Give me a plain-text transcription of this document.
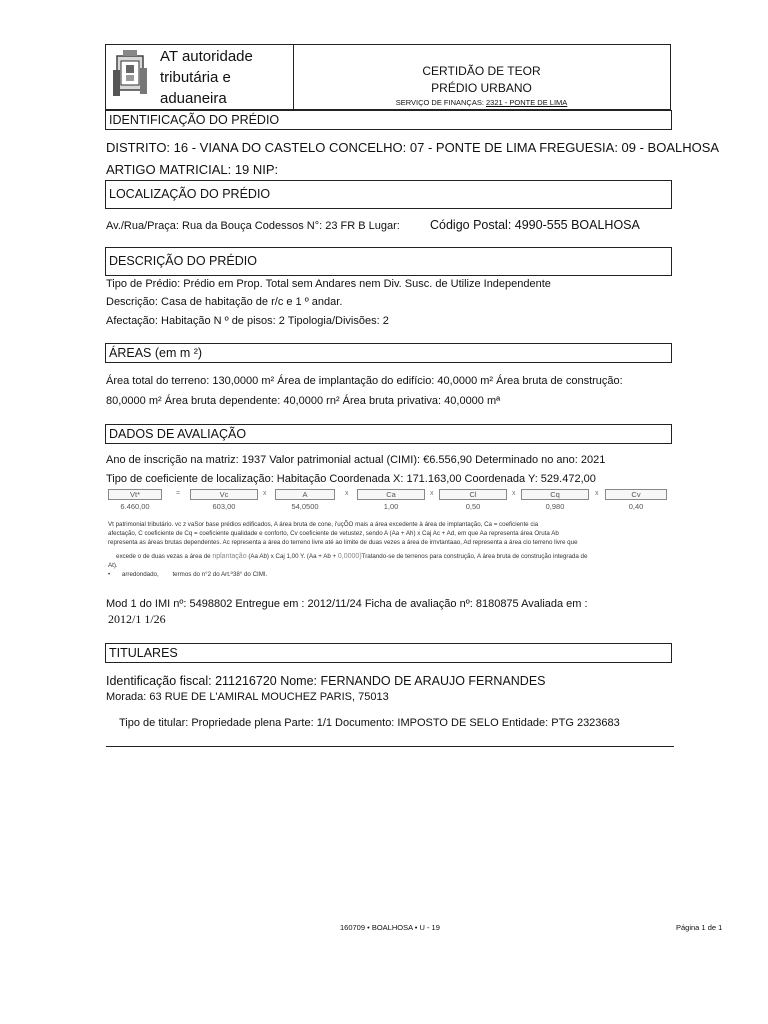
AT autoridade
tributária e
aduaneira
CERTIDÃO DE TEOR
PRÉDIO URBANO
SERVIÇO DE FINANÇAS: 2321 - PONTE DE LIMA
IDENTIFICAÇÃO DO PRÉDIO
DISTRITO: 16 - VIANA DO CASTELO CONCELHO: 07 - PONTE DE LIMA FREGUESIA: 09 - BOALHOSA
ARTIGO MATRICIAL: 19 NIP:
LOCALIZAÇÃO DO PRÉDIO
Av./Rua/Praça: Rua da Bouça Codessos N°: 23 FR B Lugar: Código Postal: 4990-555 BOALHOSA
DESCRIÇÃO DO PRÉDIO
Tipo de Prédio: Prédio em Prop. Total sem Andares nem Div. Susc. de Utilize Independente
Descrição: Casa de habitação de r/c e 1 º andar.
Afectação: Habitação N º de pisos: 2 Tipologia/Divisões: 2
ÁREAS (em m ²)
Área total do terreno: 130,0000 m² Área de implantação do edifício: 40,0000 m² Área bruta de construção:
80,0000 m² Área bruta dependente: 40,0000 rn² Área bruta privativa: 40,0000 mª
DADOS DE AVALIAÇÃO
Ano de inscrição na matriz: 1937 Valor patrimonial actual (CIMI): €6.556,90 Determinado no ano: 2021
Tipo de coeficiente de localização: Habitação Coordenada X: 171.163,00 Coordenada Y: 529.472,00
Vt*	=	Vc	x	A	x	Ca	x	Cl	x	Cq	x	Cv
6.460,00	603,00	54,0500	1,00	0,50	0,980	0,40
Vt patrimonial tributário. vc z vaSor base prédios edificados, A área bruta de cone, i'uçÕO mais a área excedente à área de implantação, Ca = coeficiente cia
afectação, C coeficiente de Cq = coeficiente qualidade e conforto, Cv coeficiente de vetustez, sendo A (Aa + Ah) x Caj Ac + Ad, em que Aa representa área Oruta Ab
representa as áreas brutas dependentes. Ac representa a área do terreno livre até ao limite de duas vezes a área de irnvtantaao, Ad representa a área cio terreno livre que
excede o de duas vezas a área de nplantação (Aa Ab) x Caj 1,00 Y. (Aa + Ab + 0,0000)Tratando-se de terrenos para construção, A área bruta de construção integrada de
At).
• arredondado, termos do n°2 do Art.º38° do CIMI.
Mod 1 do IMI nº: 5498802 Entregue em : 2012/11/24 Ficha de avaliação nº: 8180875 Avaliada em :
2012/1 1/26
TITULARES
Identificação fiscal: 211216720 Nome: FERNANDO DE ARAUJO FERNANDES
Morada: 63 RUE DE L'AMIRAL MOUCHEZ PARIS, 75013
Tipo de titular: Propriedade plena Parte: 1/1 Documento: IMPOSTO DE SELO Entidade: PTG 2323683
160709 • BOALHOSA • U - 19	Página 1 de 1
